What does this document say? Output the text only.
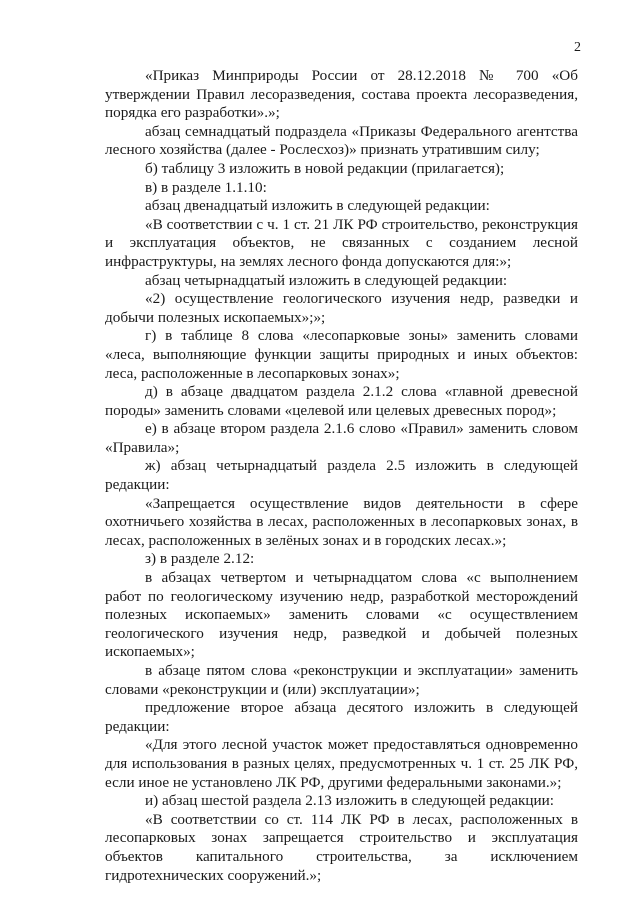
2

«Приказ Минприроды России от 28.12.2018 № 700 «Об утверждении Правил лесоразведения, состава проекта лесоразведения, порядка его разработки».»;

абзац семнадцатый подраздела «Приказы Федерального агентства лесного хозяйства (далее - Рослесхоз)» признать утратившим силу;

б) таблицу 3 изложить в новой редакции (прилагается);

в) в разделе 1.1.10:

абзац двенадцатый изложить в следующей редакции:

«В соответствии с ч. 1 ст. 21 ЛК РФ строительство, реконструкция и эксплуатация объектов, не связанных с созданием лесной инфраструктуры, на землях лесного фонда допускаются для:»;

абзац четырнадцатый изложить в следующей редакции:

«2) осуществление геологического изучения недр, разведки и добычи полезных ископаемых»;»;

г) в таблице 8 слова «лесопарковые зоны» заменить словами «леса, выполняющие функции защиты природных и иных объектов: леса, расположенные в лесопарковых зонах»;

д) в абзаце двадцатом раздела 2.1.2 слова «главной древесной породы» заменить словами «целевой или целевых древесных пород»;

е) в абзаце втором раздела 2.1.6 слово «Правил» заменить словом «Правила»;

ж) абзац четырнадцатый раздела 2.5 изложить в следующей редакции:

«Запрещается осуществление видов деятельности в сфере охотничьего хозяйства в лесах, расположенных в лесопарковых зонах, в лесах, расположенных в зелёных зонах и в городских лесах.»;

з) в разделе 2.12:

в абзацах четвертом и четырнадцатом слова «с выполнением работ по геологическому изучению недр, разработкой месторождений полезных ископаемых» заменить словами «с осуществлением геологического изучения недр, разведкой и добычей полезных ископаемых»;

в абзаце пятом слова «реконструкции и эксплуатации» заменить словами «реконструкции и (или) эксплуатации»;

предложение второе абзаца десятого изложить в следующей редакции:

«Для этого лесной участок может предоставляться одновременно для использования в разных целях, предусмотренных ч. 1 ст. 25 ЛК РФ, если иное не установлено ЛК РФ, другими федеральными законами.»;

и) абзац шестой раздела 2.13 изложить в следующей редакции:

«В соответствии со ст. 114 ЛК РФ в лесах, расположенных в лесопарковых зонах запрещается строительство и эксплуатация объектов капитального строительства, за исключением гидротехнических сооружений.»;
